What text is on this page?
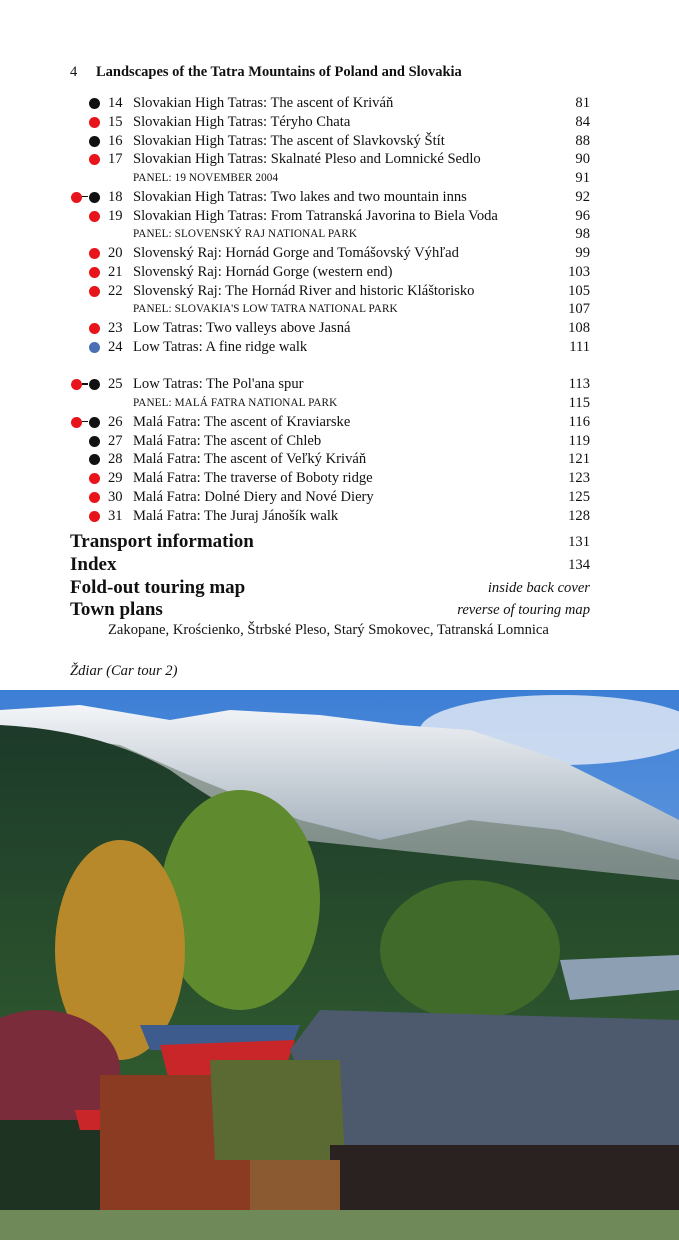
4 Landscapes of the Tatra Mountains of Poland and Slovakia
14 Slovakian High Tatras: The ascent of Kriváň	81
15 Slovakian High Tatras: Téryho Chata	84
16 Slovakian High Tatras: The ascent of Slavkovský Štít	88
17 Slovakian High Tatras: Skalnaté Pleso and Lomnické Sedlo	90
PANEL: 19 NOVEMBER 2004	91
18 Slovakian High Tatras: Two lakes and two mountain inns	92
19 Slovakian High Tatras: From Tatranská Javorina to Biela Voda	96
PANEL: SLOVENSKÝ RAJ NATIONAL PARK	98
20 Slovenský Raj: Hornád Gorge and Tomášovský Výhľad	99
21 Slovenský Raj: Hornád Gorge (western end)	103
22 Slovenský Raj: The Hornád River and historic Kláštorisko	105
PANEL: SLOVAKIA'S LOW TATRA NATIONAL PARK	107
23 Low Tatras: Two valleys above Jasná	108
24 Low Tatras: A fine ridge walk	111
25 Low Tatras: The Pol'ana spur	113
PANEL: MALÁ FATRA NATIONAL PARK	115
26 Malá Fatra: The ascent of Kraviarske	116
27 Malá Fatra: The ascent of Chleb	119
28 Malá Fatra: The ascent of Veľký Kriváň	121
29 Malá Fatra: The traverse of Boboty ridge	123
30 Malá Fatra: Dolné Diery and Nové Diery	125
31 Malá Fatra: The Juraj Jánošík walk	128
Transport information	131
Index	134
Fold-out touring map	inside back cover
Town plans	reverse of touring map
Zakopane, Krościenko, Štrbské Pleso, Starý Smokovec, Tatranská Lomnica
Ždiar (Car tour 2)
